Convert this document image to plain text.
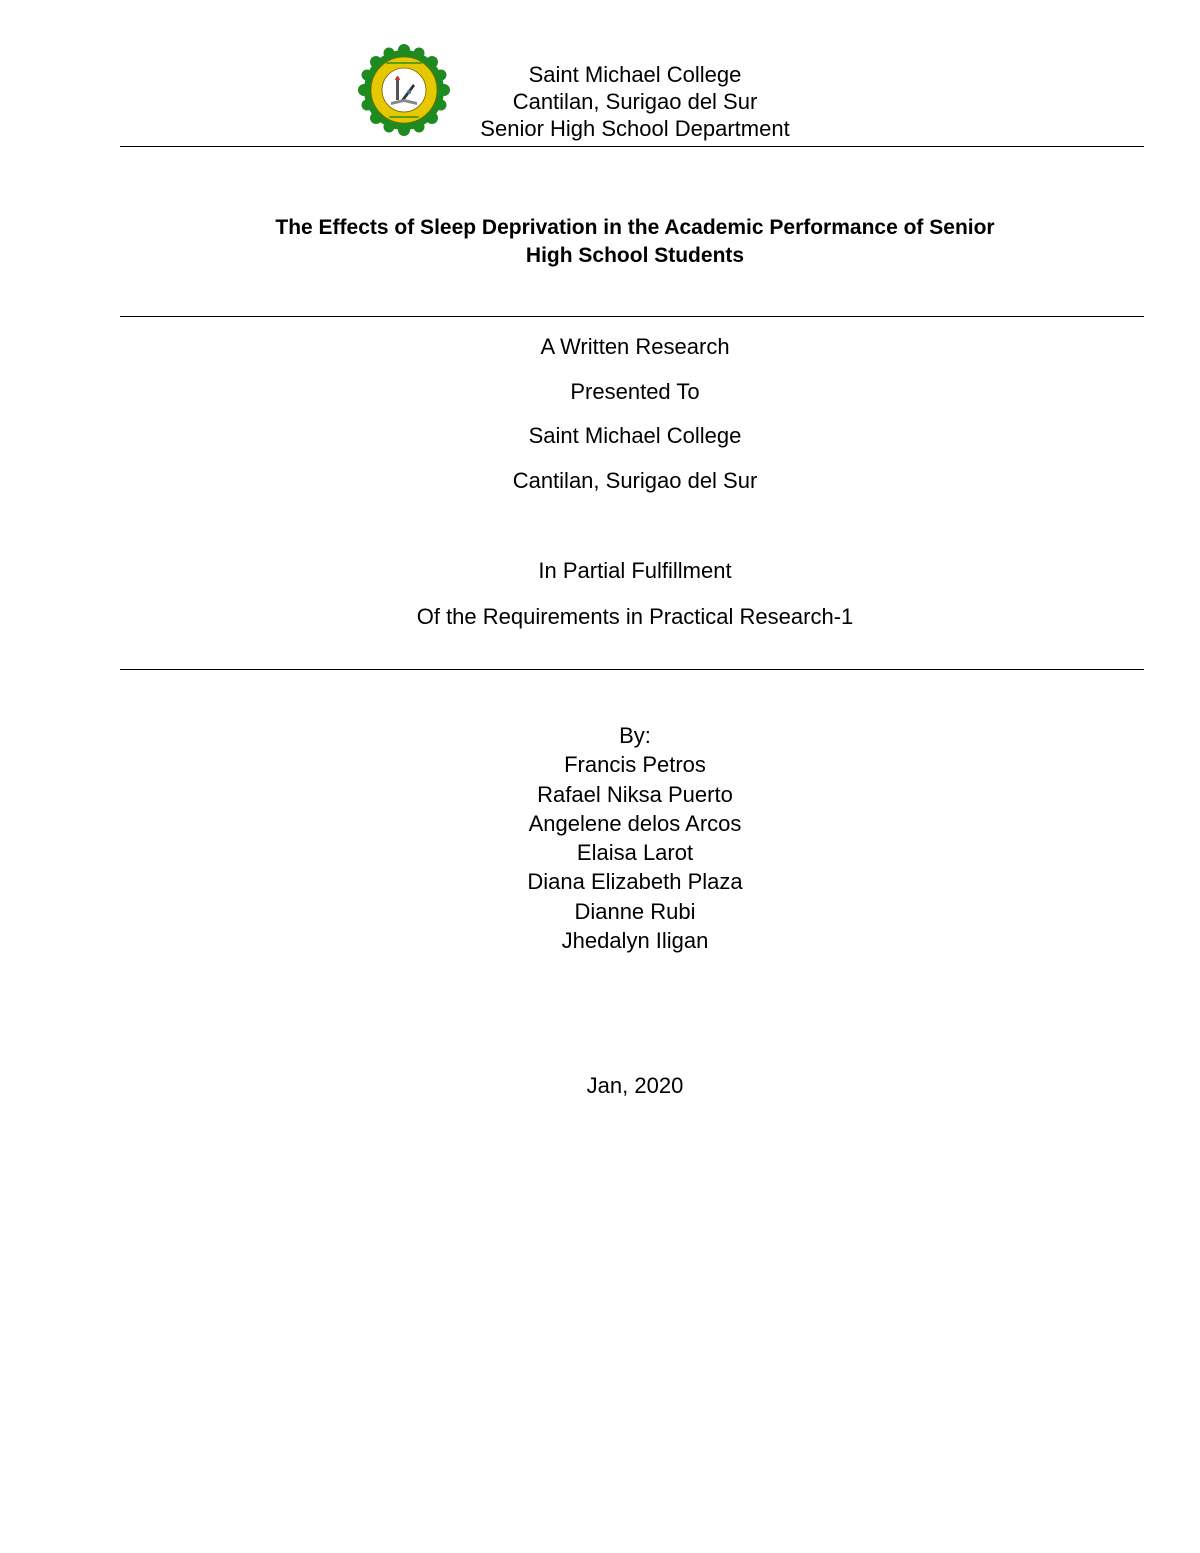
Saint Michael College
Cantilan, Surigao del Sur
Senior High School Department
The Effects of Sleep Deprivation in the Academic Performance of Senior
High School Students
A Written Research
Presented To
Saint Michael College
Cantilan, Surigao del Sur
In Partial Fulfillment
Of the Requirements in Practical Research-1
By:
Francis Petros
Rafael Niksa Puerto
Angelene delos Arcos
Elaisa Larot
Diana Elizabeth Plaza
Dianne Rubi
Jhedalyn Iligan
Jan, 2020
